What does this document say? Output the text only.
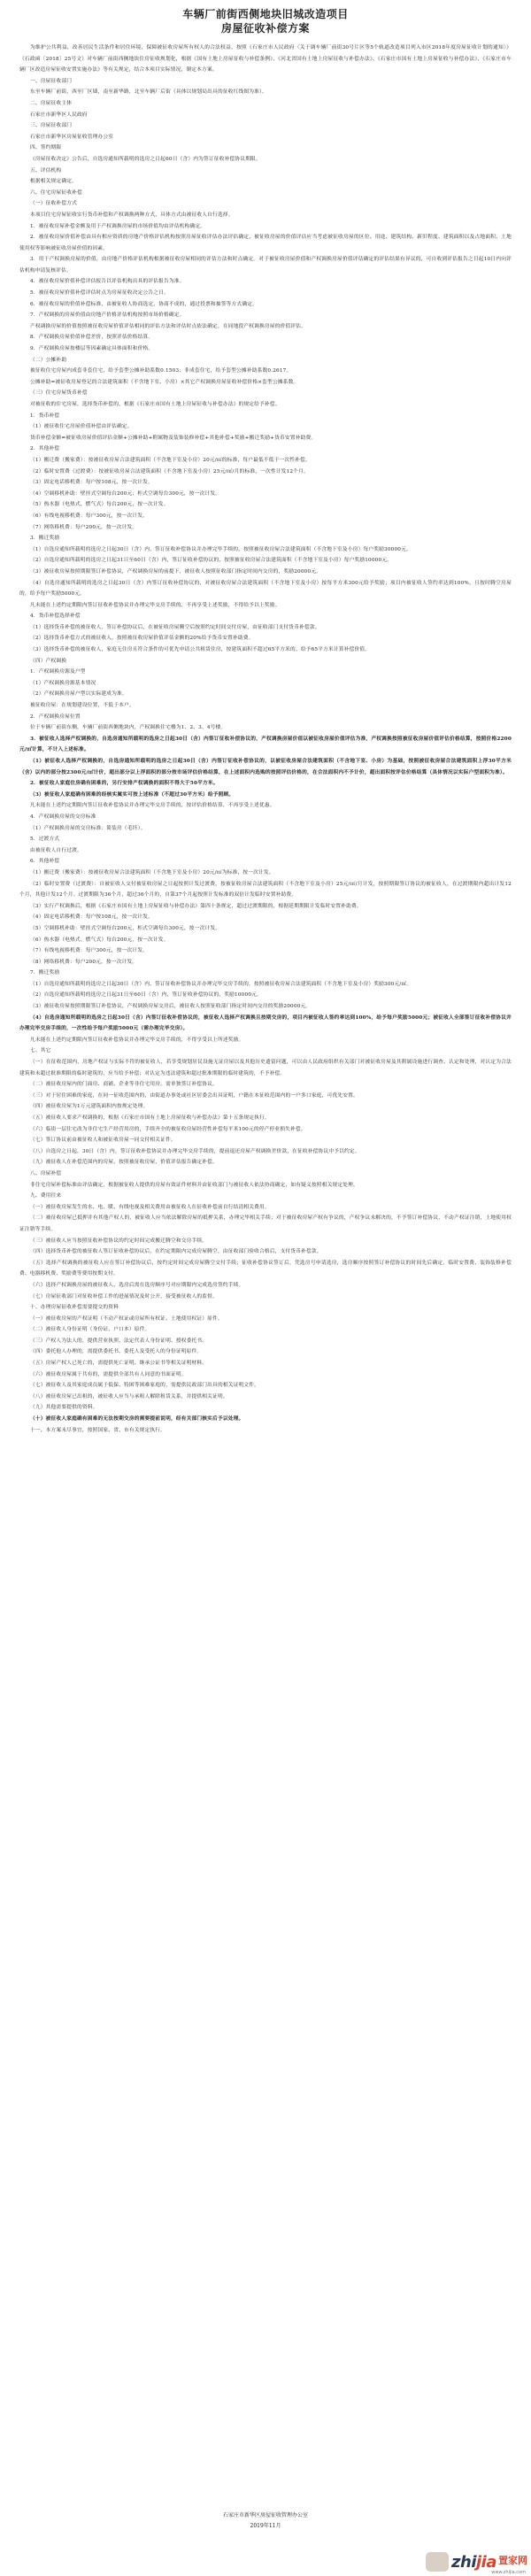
车辆厂前街西侧地块旧城改造项目
房屋征收补偿方案

为维护公共利益，改善居民生活条件和居住环境，保障被征收房屋所有权人的合法权益，按照《石家庄市人民政府〈关于调车辆厂前街30号片区等5个轨道改造项目列入市区2018年度房屋征收计划的通知〉》（石政函〔2018〕25号文）对车辆厂前街西侧地块住房征收规划化，根据《国有土地上房屋征收与补偿条例》、《河北省国有土地上房屋征收与补偿办法》、《石家庄市国有土地上房屋征收与补偿办法》、《石家庄市车辆厂区改造房屋征收安置实施办法》等有关规定，结合本项目实际情况，制定本方案。

一、房屋征收部门

东至车辆厂前街，西至厂区墙，南至新华路，北至车辆厂后街（具体以规划局出具的征收红线图为准）。

二、房屋征收主体

石家庄市新华区人民政府

三、房屋征收部门

石家庄市新华区房屋征收管理办公室

四、签约期限

《房屋征收决定》公告后，自选房通知所载明的选房之日起60日（含）内为签订征收补偿协议期限。

五、评估机构

根据相关规定确定。

六、住宅房屋征收补偿

（一）征收补偿方式

本项目住宅房屋征收实行货币补偿和产权调换两种方式，具体方式由被征收人自行选择。

1．被征收房屋补偿金额及用于产权调换房屋的市场价值均由评估机构确定。

2．被征收房屋价值补偿由具有相应资质的房地产价格评估机构按照房屋征收评估办法评估确定，被征收房屋的价值评估应当考虑被征收房屋的区位、用途、建筑结构、新旧程度、建筑面积以及占地面积、土地使用权等影响被征收房屋价值的因素。

3．用于产权调换房屋的价值，由房地产价格评估机构根据被征收房屋相同的评估方法和时点确定。对于被征收房屋价值和产权调换房屋价值评估确定的评估结果有异议的，可自收到评估报告之日起10日内向评估机构申请复核评估。

4．被征收房屋价值补偿评估报告以评估机构出具的评估报告为准。

5．被征收房屋价值补偿评估时点为房屋征收决定公告之日。

6．被征收房屋的价值补偿标准，由被征收人协商选定，协商不成的，通过投票和抽签等方式确定。

7．产权调换的房屋价值由房地产价格评估机构按照市场价格确定。

产权调换房屋的价值按照被征收房屋价值评估相同的评估方法和评估时点依法确定，在同地段产权调换房屋的价值评估。

8．产权调换房屋价值补偿差价，按照评估价格结算。

9．产权调换房屋按楼层等因素确定具体面积和价格。

（二）公摊补助

被征收住宅房屋内成套非套住宅，给予套型公摊补助系数0.1503；非成套住宅，给予套型公摊补助系数0.2617。

公摊补助=被征收房屋登记的合法建筑面积（不含地下室、小房）×其它产权调换房屋征收补偿价格×套型公摊系数。

（三）住宅房屋货币补偿

对被征收的住宅房屋，选择货币补偿的，根据《石家庄市国有土地上房屋征收与补偿办法》的规定给予补偿。

1．货币补偿

（1）被征收住宅房屋价值补偿由评估确定。

货币补偿金额=被征收房屋价值评估金额+公摊补助+附属物及装饰装修补偿+其他补偿+奖励+搬迁奖励+货币安置补助费。

2．其他补偿

（1）搬迁费（搬家费）：按被征收房屋合法建筑面积（不含地下室及小房）20元/㎡的标准，每户最低不低于一次性补偿。

（2）临时安置费（过渡费）：按被征收房屋合法建筑面积（不含地下室及小房）25元/㎡/月的标准，一次性计发12个月。

（3）固定电话移机费：每户按108元，按一次计发。

（4）空调移机补助：壁挂式空调每台200元；柜式空调每台300元，按一次计发。

（5）热水器（电热式、燃气式）每台200元，按一次计发。

（6）有线电视移机费：每户300元，按一次计发。

（7）网络移机费：每户200元，按一次计发。

3．搬迁奖励

（1）自选房通知所载明的选房之日起30日（含）内，签订征收补偿协议并办理完毕手续的，按照被征收房屋合法建筑面积（不含地下室及小房）每户奖励30000元。

（2）自选房通知所载明的选房之日起31日至60日（含）内，签订征收补偿协议的，按照被征收房屋合法建筑面积（不含地下室及小房）每户奖励10000元。

（3）被征收房屋按照期限签订补偿协议，产权调换房屋的前提下，被征收人按照征收部门指定时间内交房的，奖励20000元。

（4）自选房通知所载明的选房之日起30日（含）内签订征收补偿协议的，对被征收房屋合法建筑面积（不含地下室及小房）按每平方米300元给予奖励；项目内被征收人签约率达到100%，且按时腾空房屋的，给予每户奖励5000元。

凡未能在上述约定期限内签订征收补偿协议并办理完毕交房手续的，不再享受上述奖励，不得给予以上奖励。

4．货币补偿选择补偿

（1）选择货币补偿的被征收人，签订补偿协议后，在被征收房屋腾空后按照约定时间交付房屋，由征收部门支付货币补偿款。

（2）选择货币补偿方式的被征收人，按照被征收房屋价值评估金额的20%给予货币安置补助费。

（3）选择货币补偿的被征收人，家庭无住房且符合条件的可优先申请公共租赁住房，按建筑面积不超过65平方米的，给予65平方米计算补偿价值。

（四）产权调换

1．产权调换房源及户型

（1）产权调换房源基本情况

（2）产权调换房屋户型以实际建成为准。

被征收房屋：在规划建设位置，不低于本户。

2．产权调换房屋位置

位于车辆厂前街东侧，车辆厂前街西侧地块内，产权调换住宅楼为1、2、3、4号楼。

3．被征收人选择产权调换的，自选房通知所载明的选房之日起30日（含）内签订征收补偿协议的，产权调换房屋价值以被征收房屋价值评估为准，产权调换按照被征收房屋价值评估价格结算，按照价格2200元/㎡计算，不计入上述标准。

（1）被征收人选择产权调换的，自选房通知所载明的选房之日起30日（含）内签订征收补偿协议的，以被征收房屋合法建筑面积（不含地下室、小房）为基础，按照被征收房屋合法建筑面积上浮30平方米（含）以内的部分按2300元/㎡计价，超出部分以上浮面积的部分按市场评估价格结算，在上述面积内选购的按照评估价格的，在合法面积内不予计价，超出面积按评估价格结算（具体情况以实际户型面积为准）。

2．被征收人家庭住房确有困难的，另行安排产权调换的面积不得大于50平方米。

（3）被征收人家庭确有困难的经核实属实可按上述标准（不超过30平方米）给予照顾。

凡未能在上述约定期限内签订征收补偿协议并办理完毕交房手续的，按评估价格结算，不再享受上述优惠。

4．产权调换房屋的交房标准

（1）产权调换房屋的交房标准：简装房（毛坯）。

5．过渡方式

由被征收人自行过渡。

6．其他补偿

（1）搬迁费（搬家费）：按被征收房屋合法建筑面积（不含地下室及小房）20元/㎡为标准，按一次计发。

（2）临时安置费（过渡费）：自被征收人交付被征收房屋之日起按照计发过渡费，按被征收房屋合法建筑面积（不含地下室及小房）25元/㎡/月计发，按照期限签订协议的被征收人，在过渡期限内超出计发12个月，其他计发12个月。过渡期限为36个月，超过36个月的，自第37个月起按照计发标准的双倍计发临时安置补助费。

（3）实行产权调换后，根据《石家庄市国有土地上房屋征收与补偿办法》第四十条规定，超过过渡期限的，根据延期期限计发临时安置补助费。

（4）固定电话移机费：每户按108元，按一次计发。

（5）空调移机补助：壁挂式空调每台200元，柜式空调每台300元，按一次计发。

（6）热水器（电热式、燃气式）每台200元，按一次计发。

（7）有线电视移机费：每户300元，按一次计发。

（8）网络移机费：每户200元，按一次计发。

7．搬迁奖励

（1）自选房通知所载明的选房之日起30日（含）内，签订征收补偿协议并办理完毕交房手续的，按照被征收房屋合法建筑面积（不含地下室及小房）奖励300元/㎡。

（2）自选房通知所载明的选房之日起31日至60日（含）内，签订征收补偿协议的，奖励10000元。

（3）被征收房屋按照期限签订补偿协议，产权调换房屋交房后，被征收人按照征收部门指定时间内交房的奖励20000元。

（4）自选房通知所载明的选房之日起30日（含）内签订征收补偿协议的，被征收人选择产权调换且按期交房的，项目内被征收人签约率达到100%，给予每户奖励5000元；被征收人全部签订征收补偿协议并办理完毕交房手续的，一次性给予每户奖励5000元（需办理完毕交房）。

凡未能在上述约定期限内签订征收补偿协议并办理完毕交房手续的，不得享受以上所述奖励。

七、其它

（一）在征收范围内，房地产权证与实际不符的被征收人，若享受规划居民设施无证房屋以及其他历史遗留问题，可以由人民政府组织有关部门对被征收房屋及其附属设施进行调查、认定和处理，对认定为合法建筑和未超过批准期限的临时建筑的，应当给予补偿；对认定为违法建筑和超过批准期限的临时建筑的，不予补偿。

（二）被征收房屋内的门面房、商铺、企业等非住宅用房，需单独签订补偿协议。

（三）对于居住困难的家庭，在同一征收范围内的，由街道办事处或社区居委会出具证明，户籍在本征收范围内的一户多口家庭，可优先安置。

（四）被征收房屋为1万元建筑面积内按规定处理。

（五）被征收人要求产权调换的，根据《石家庄市国有土地上房屋征收与补偿办法》第十五条规定执行。

（六）临街一层住宅改为非住宅生产经营用房的，手续齐全的被征收房屋经营性补偿每平米100元的停产停业损失补偿。

（七）签订协议前由被征收人和被征收房屋一同交付相关证件。

（八）自选房之日起，30日（含）内，签订征收补偿协议并办理完毕交房手续的，提前退还房屋产权调换差价款，在征收补偿协议中予以约定。

（九）被征收人在补偿范围内的房屋，按照被征收房屋，价值评估报告确定补偿。

八、房屋补偿

非住宅房屋补偿标准由评估确定，根据被征收人提供的房屋有效证件材料并由征收部门与被征收人依法协商确定，如有疑义按照相关规定处理。

九、费用往来

（一）被征收房屋发生的水、电、暖、有线电视及相关费用由被征收人在征收补偿前自行结清相关费用。

（二）被征收房屋已抵押并有其他产权人的，被征收人应当依法解除房屋的抵押关系，办理完毕相关手续；对于被征收房屋产权有争议的，产权争议未解决的，不予签订补偿协议，不动产权证注销，土地使用权证注销等手续。

（三）被征收人应当按照征收补偿协议的约定时间完成搬迁腾空和交房手续。

（四）选择货币补偿的被征收人签订征收补偿协议后，在约定期限内完成房屋腾空，由征收部门验收合格后，支付货币补偿款。

（五）选择产权调换的被征收人应在签订补偿协议后，按约定时间完成房屋腾空交付手续；征收补偿协议签订后，凭选房号申请选房，选房顺序按照签订补偿协议的时间先后确定，临时安置费、装饰装修补偿费、电器移机费、奖励费等费用按期支付。

（六）选择产权调换房屋的被征收人，选房后需在选房顺序号对应期限内完成选房签约手续。

（七）房屋征收部门对征收补偿工作的进展情况及时公开，接受被征收人的监督。

十、办理房屋征收补偿需要提交的资料

（一）被征收房屋的产权证明（不动产权证或房屋所有权证、土地使用权证）原件。

（二）被征收人身份证明（身份证、户口本）原件。

（三）产权人为法人的，提供营业执照、法定代表人身份证明、授权委托书。

（四）委托他人办理的，需提供委托书、委托人及受托人的身份证明原件。

（五）房屋产权人已死亡的，需提供死亡证明、继承公证书等相关证明材料。

（六）被征收房屋属于共有的，需提供全部共有人同意的书面证明。

（七）被征收人及其家庭成员属于低保、特困等困难家庭的，需提供民政部门出具的相关证明文件。

（八）被征收房屋已出租的，被征收人应当与承租人解除租赁关系，并提供相关证明。

（九）其他需要提供的资料。

（十）被征收人家庭确有困难的无法按期交房的需要提前说明，经有关部门核实后予以处理。

十一、本方案未尽事宜，按照国家、省、市有关规定执行。

石家庄市新华区房屋征收管理办公室
2019年11月
zhijia 置家网
www.zhijia.com
